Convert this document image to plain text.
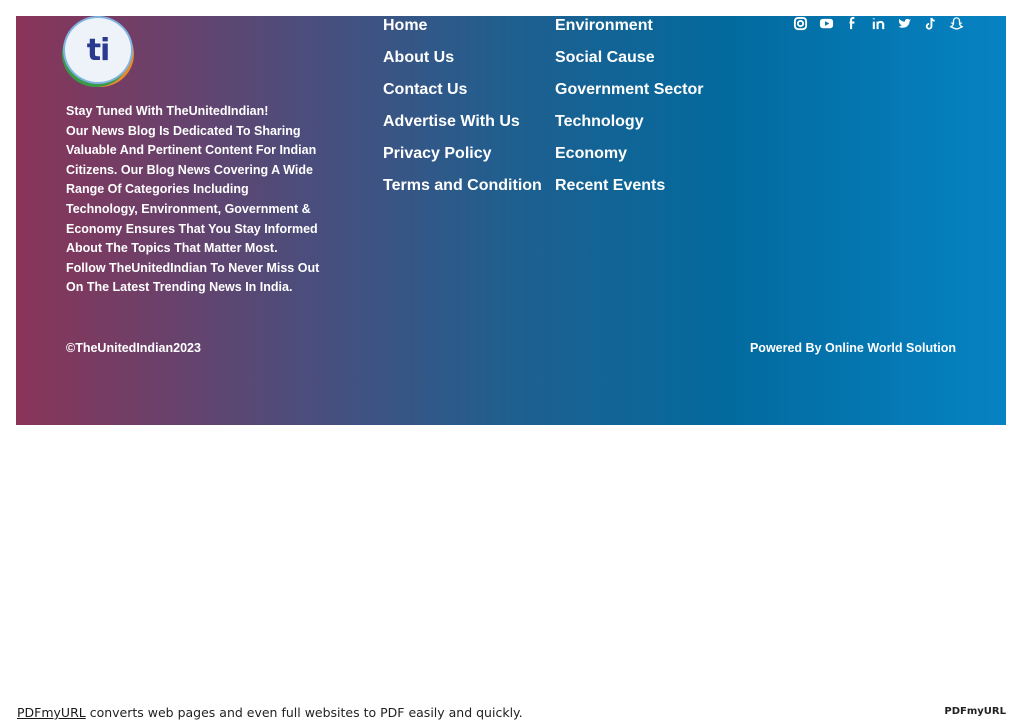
ti
Stay Tuned With TheUnitedIndian!
Our News Blog Is Dedicated To Sharing
Valuable And Pertinent Content For Indian
Citizens. Our Blog News Covering A Wide
Range Of Categories Including
Technology, Environment, Government &
Economy Ensures That You Stay Informed
About The Topics That Matter Most.
Follow TheUnitedIndian To Never Miss Out
On The Latest Trending News In India.
Home
About Us
Contact Us
Advertise With Us
Privacy Policy
Terms and Condition
Environment
Social Cause
Government Sector
Technology
Economy
Recent Events
©TheUnitedIndian2023	Powered By Online World Solution
PDFmyURL converts web pages and even full websites to PDF easily and quickly.	PDFmyURL
